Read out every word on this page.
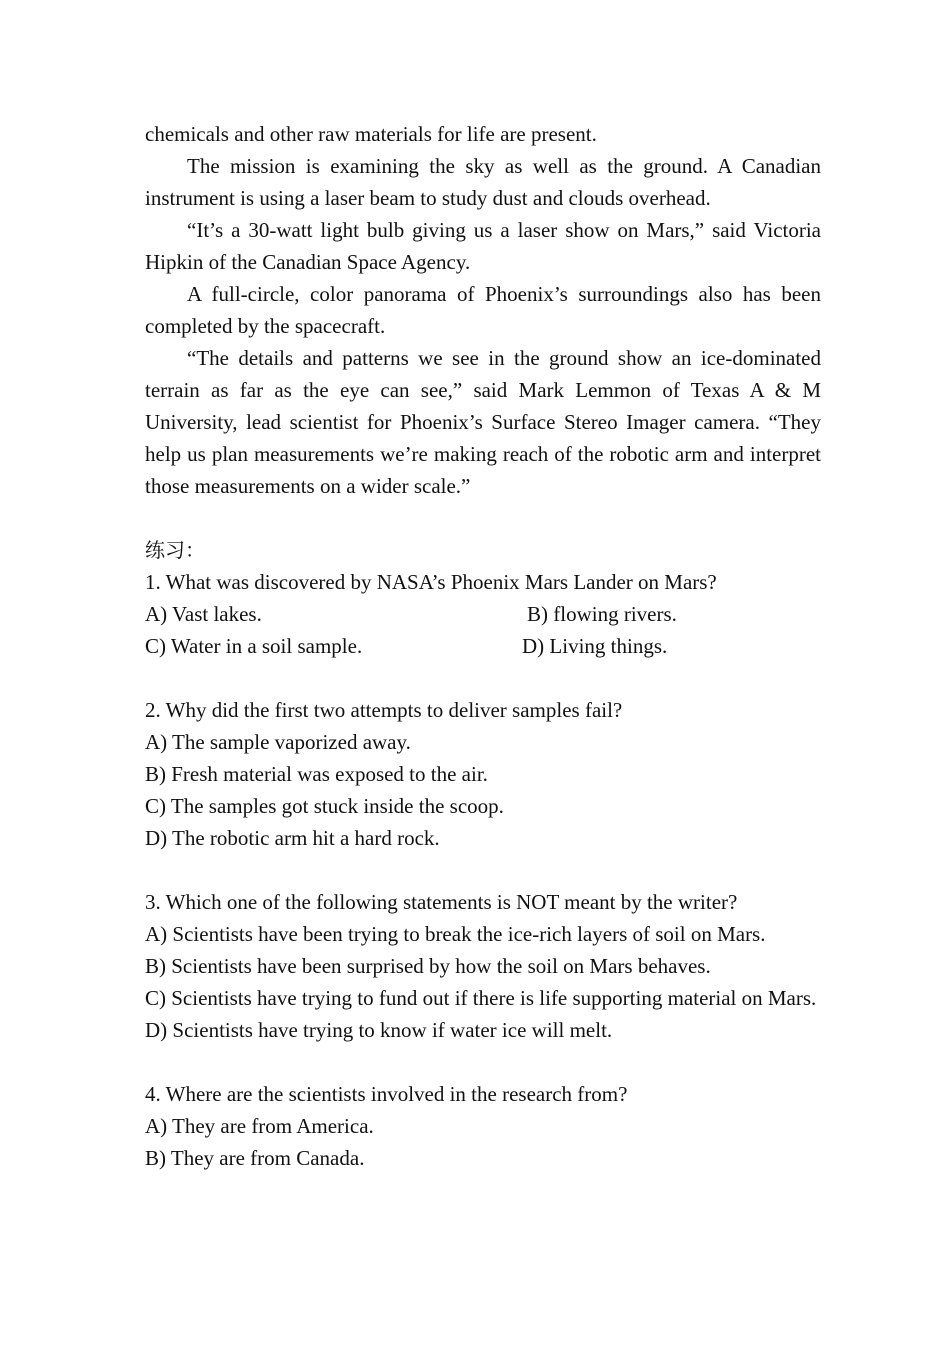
chemicals and other raw materials for life are present.

The mission is examining the sky as well as the ground. A Canadian instrument is using a laser beam to study dust and clouds overhead.

“It’s a 30-watt light bulb giving us a laser show on Mars,” said Victoria Hipkin of the Canadian Space Agency.

A full-circle, color panorama of Phoenix’s surroundings also has been completed by the spacecraft.

“The details and patterns we see in the ground show an ice-dominated terrain as far as the eye can see,” said Mark Lemmon of Texas A & M University, lead scientist for Phoenix’s Surface Stereo Imager camera. “They help us plan measurements we’re making reach of the robotic arm and interpret those measurements on a wider scale.”

练习：

1. What was discovered by NASA’s Phoenix Mars Lander on Mars?

A) Vast lakes.	B) flowing rivers.
C) Water in a soil sample.	D) Living things.

2. Why did the first two attempts to deliver samples fail?

A) The sample vaporized away.

B) Fresh material was exposed to the air.

C) The samples got stuck inside the scoop.

D) The robotic arm hit a hard rock.

3. Which one of the following statements is NOT meant by the writer?

A) Scientists have been trying to break the ice-rich layers of soil on Mars.

B) Scientists have been surprised by how the soil on Mars behaves.

C) Scientists have trying to fund out if there is life supporting material on Mars.

D) Scientists have trying to know if water ice will melt.

4. Where are the scientists involved in the research from?

A) They are from America.

B) They are from Canada.
